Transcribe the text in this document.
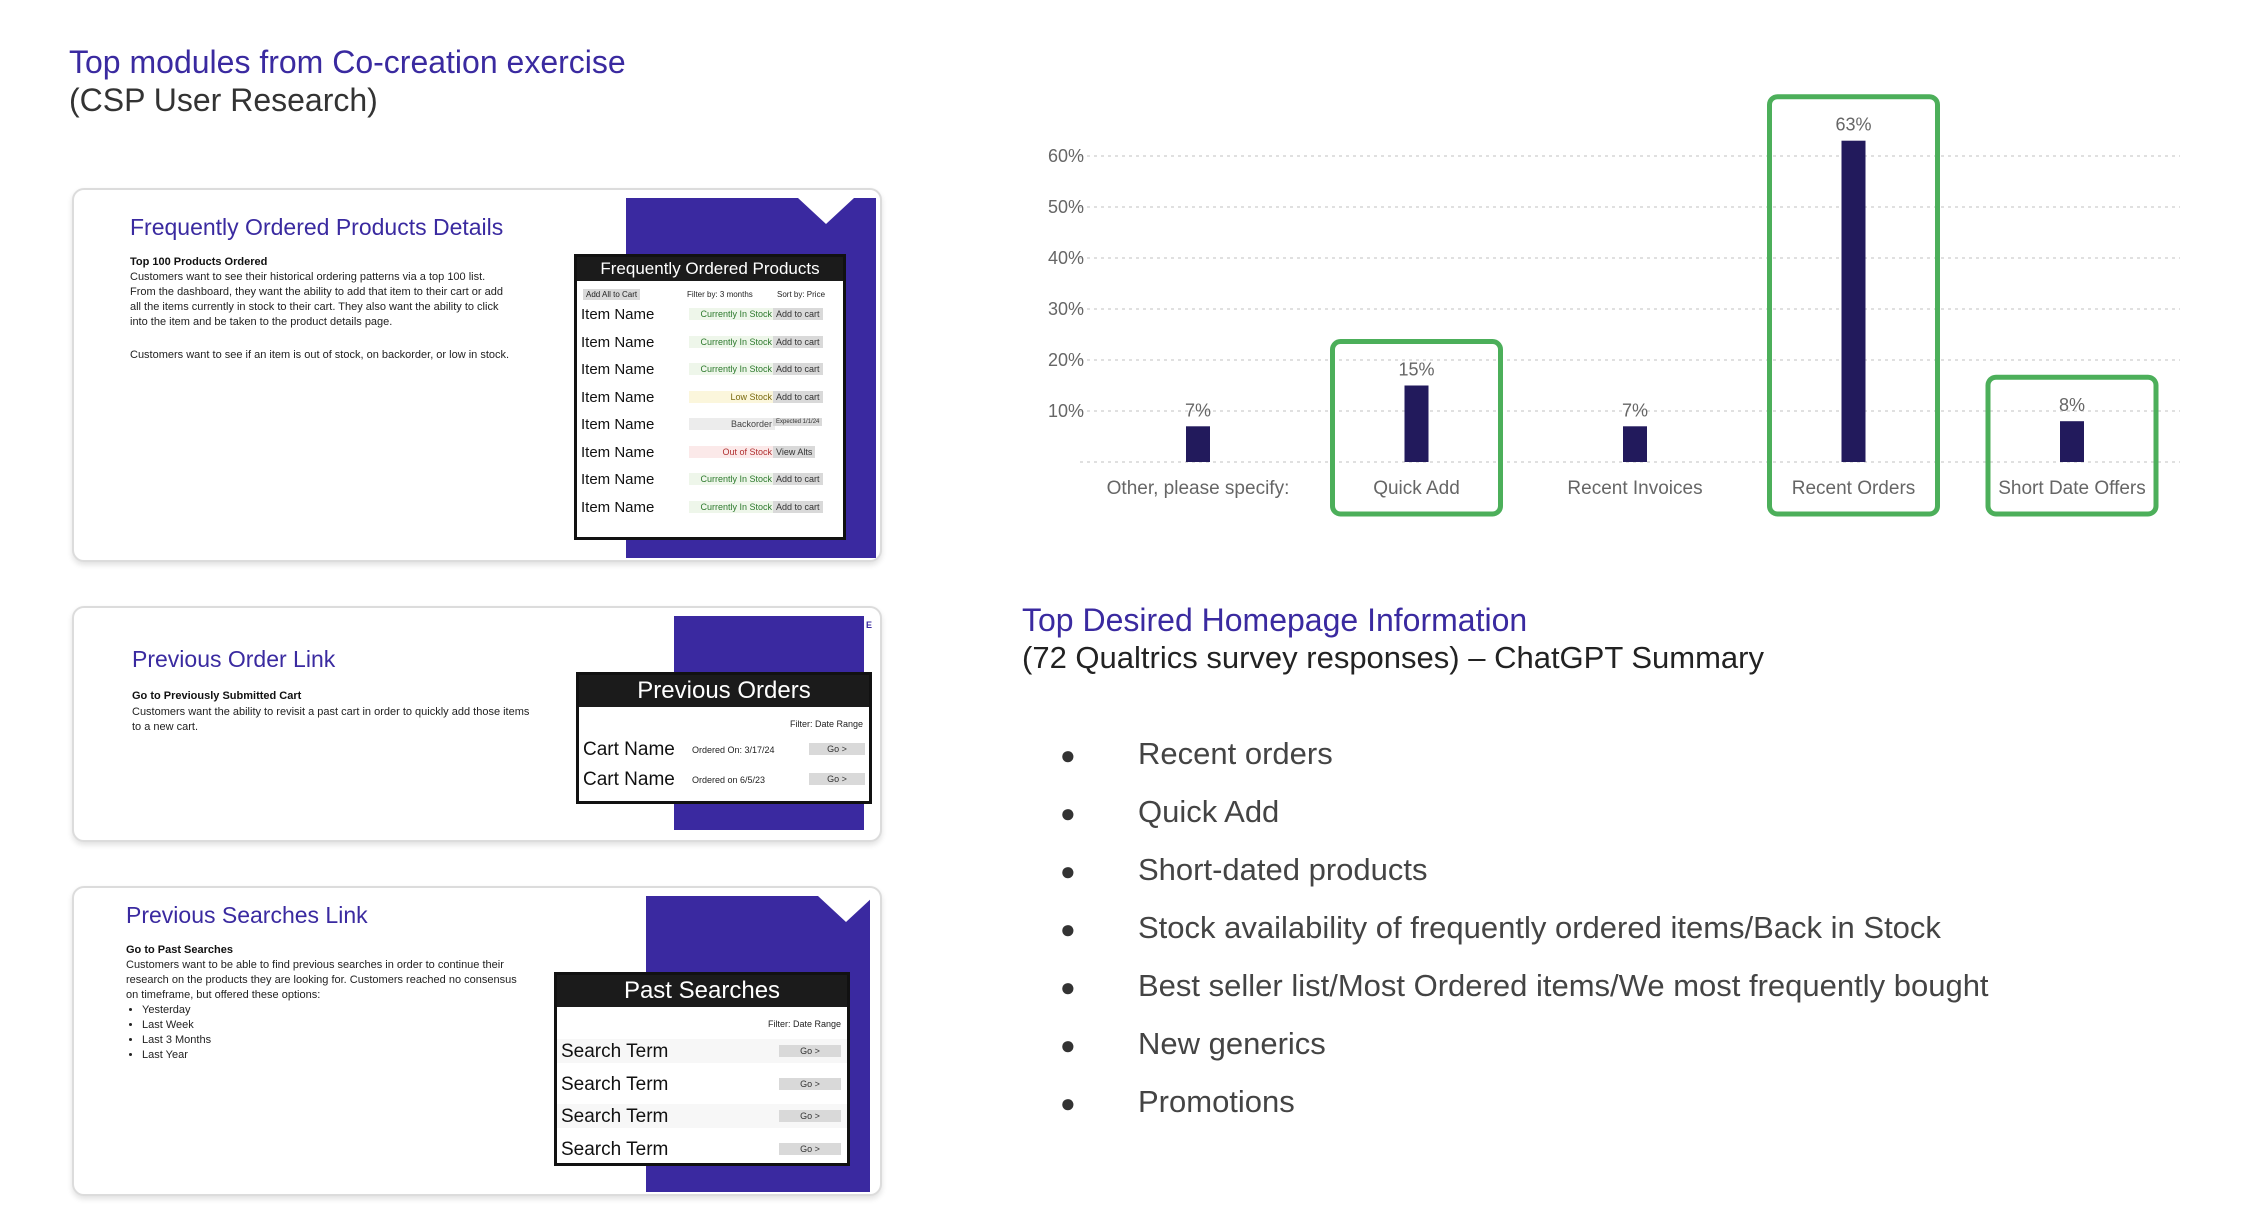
Top modules from Co-creation exercise
(CSP User Research)
3 & 4
Frequently Ordered Products Details
Top 100 Products Ordered
Customers want to see their historical ordering patterns via a top 100 list. From the dashboard, they want the ability to add that item to their cart or add all the items currently in stock to their cart. They also want the ability to click into the item and be taken to the product details page.
Customers want to see if an item is out of stock, on backorder, or low in stock.
Frequently Ordered Products
Add All to Cart	Filter by: 3 months	Sort by: Price
Item Name	Currently In Stock Add to cart
Item Name	Currently In Stock Add to cart
Item Name	Currently In Stock Add to cart
Item Name	Low Stock Add to cart
Item Name	Backorder Expected 1/1/24
Item Name	Out of Stock View Alts
Item Name	Currently In Stock Add to cart
Item Name	Currently In Stock Add to cart
E
Previous Order Link
Go to Previously Submitted Cart
Customers want the ability to revisit a past cart in order to quickly add those items to a new cart.
Previous Orders
Filter: Date Range
Cart Name	Ordered On: 3/17/24	Go >
Cart Name	Ordered on 6/5/23	Go >
5 & 4
Previous Searches Link
Go to Past Searches
Customers want to be able to find previous searches in order to continue their research on the products they are looking for. Customers reached no consensus on timeframe, but offered these options:
• Yesterday
• Last Week
• Last 3 Months
• Last Year
Past Searches
Filter: Date Range
Search Term	Go >
Search Term	Go >
Search Term	Go >
Search Term	Go >
10%
20%
30%
40%
50%
60%
7%
Other, please specify:
15%
Quick Add
7%
Recent Invoices
63%
Recent Orders
8%
Short Date Offers
Top Desired Homepage Information
(72 Qualtrics survey responses) – ChatGPT Summary
● Recent orders
● Quick Add
● Short-dated products
● Stock availability of frequently ordered items/Back in Stock
● Best seller list/Most Ordered items/We most frequently bought
● New generics
● Promotions
